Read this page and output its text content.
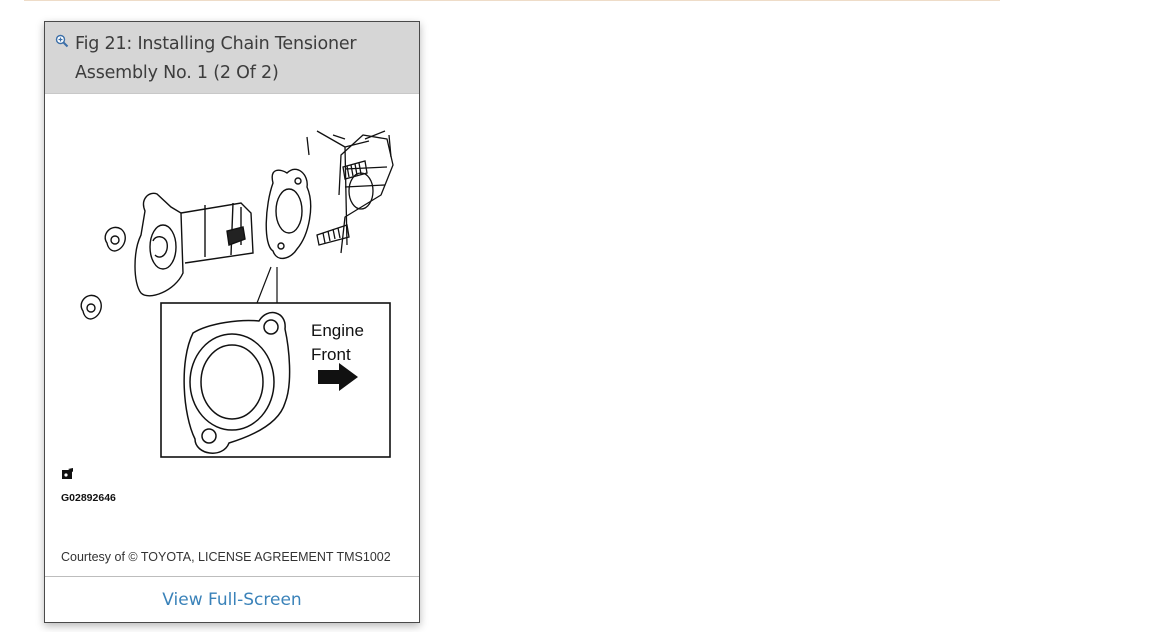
Fig 21: Installing Chain Tensioner
Assembly No. 1 (2 Of 2)
Engine
Front
G02892646
Courtesy of © TOYOTA, LICENSE AGREEMENT TMS1002
View Full-Screen
